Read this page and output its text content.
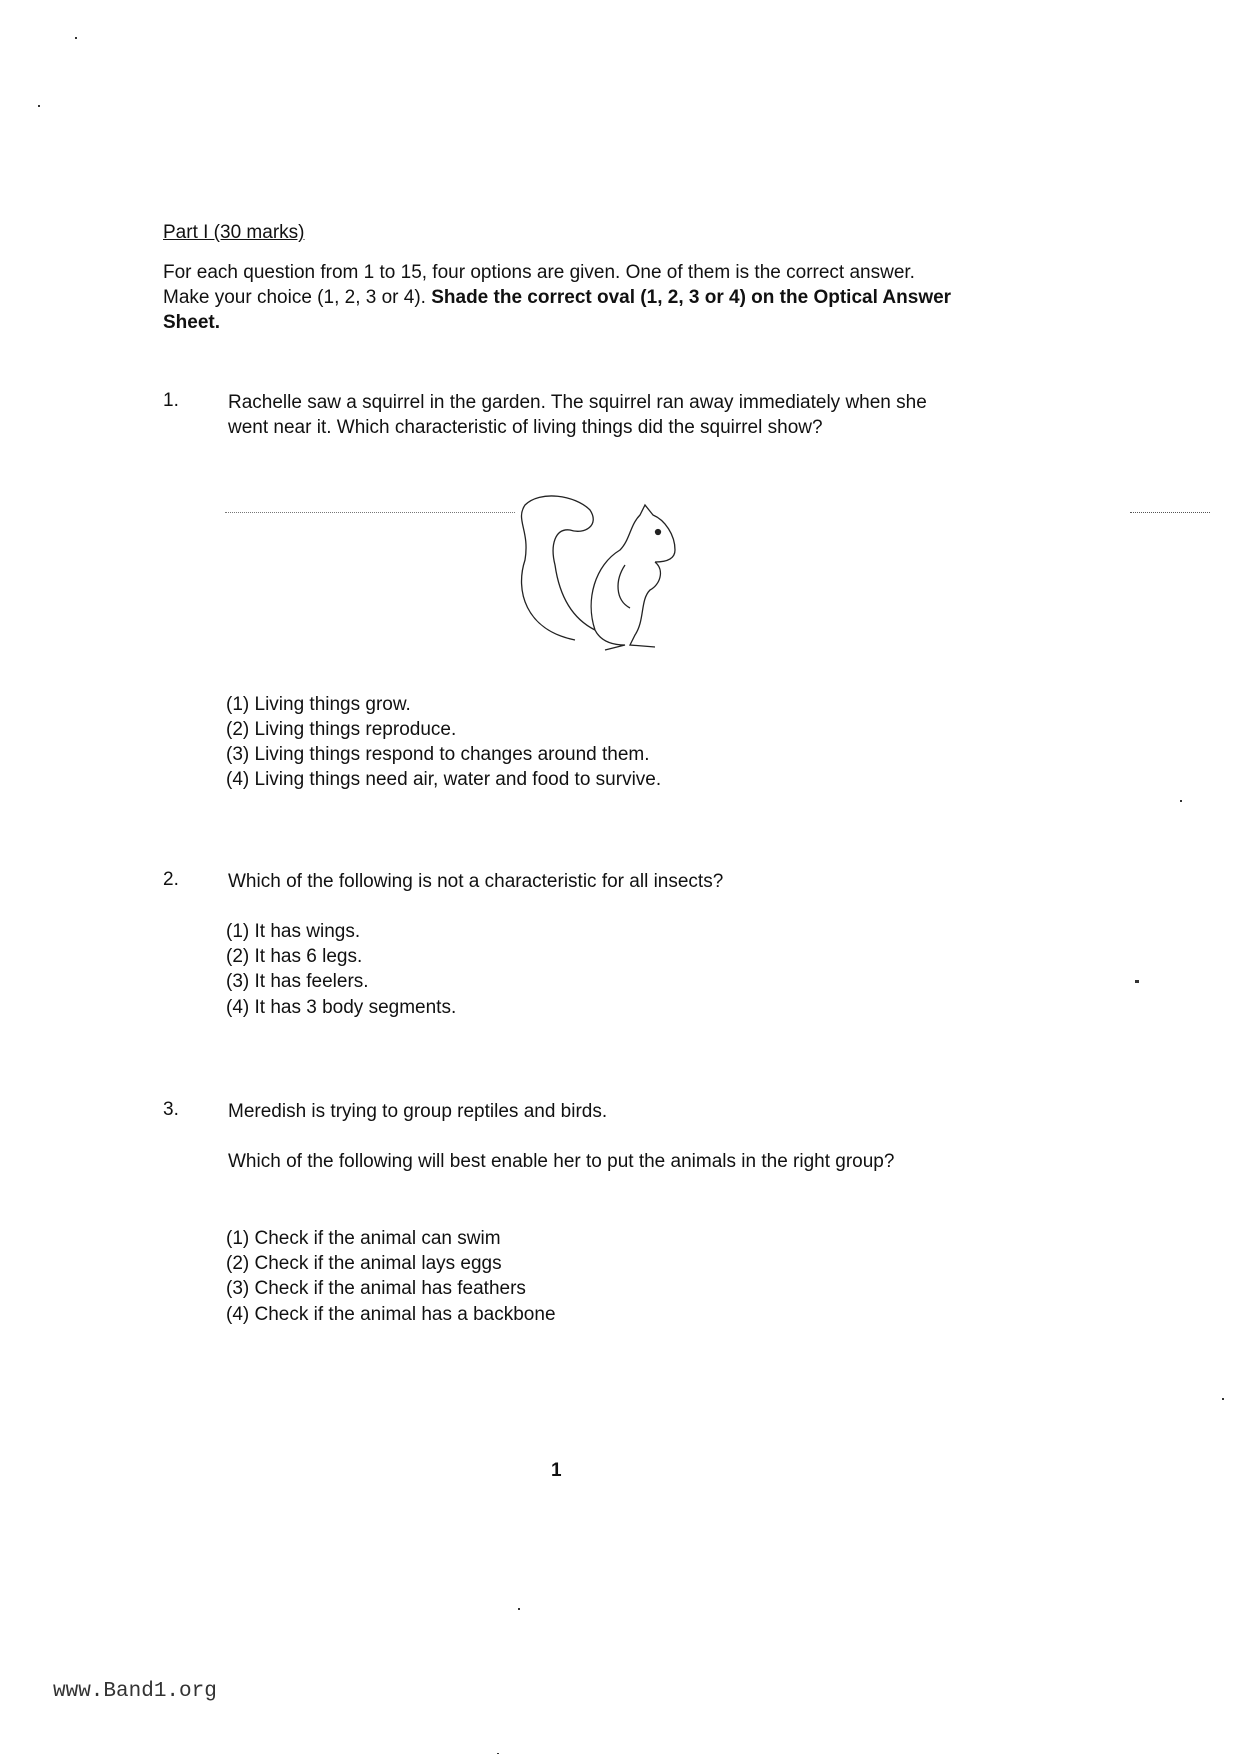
Part I (30 marks)
For each question from 1 to 15, four options are given. One of them is the correct answer. Make your choice (1, 2, 3 or 4). Shade the correct oval (1, 2, 3 or 4) on the Optical Answer Sheet.
1.	Rachelle saw a squirrel in the garden. The squirrel ran away immediately when she went near it. Which characteristic of living things did the squirrel show?
(1) Living things grow.
(2) Living things reproduce.
(3) Living things respond to changes around them.
(4) Living things need air, water and food to survive.
2.	Which of the following is not a characteristic for all insects?
(1) It has wings.
(2) It has 6 legs.
(3) It has feelers.
(4) It has 3 body segments.
3.	Meredish is trying to group reptiles and birds.
Which of the following will best enable her to put the animals in the right group?
(1) Check if the animal can swim
(2) Check if the animal lays eggs
(3) Check if the animal has feathers
(4) Check if the animal has a backbone
1
www.Band1.org
